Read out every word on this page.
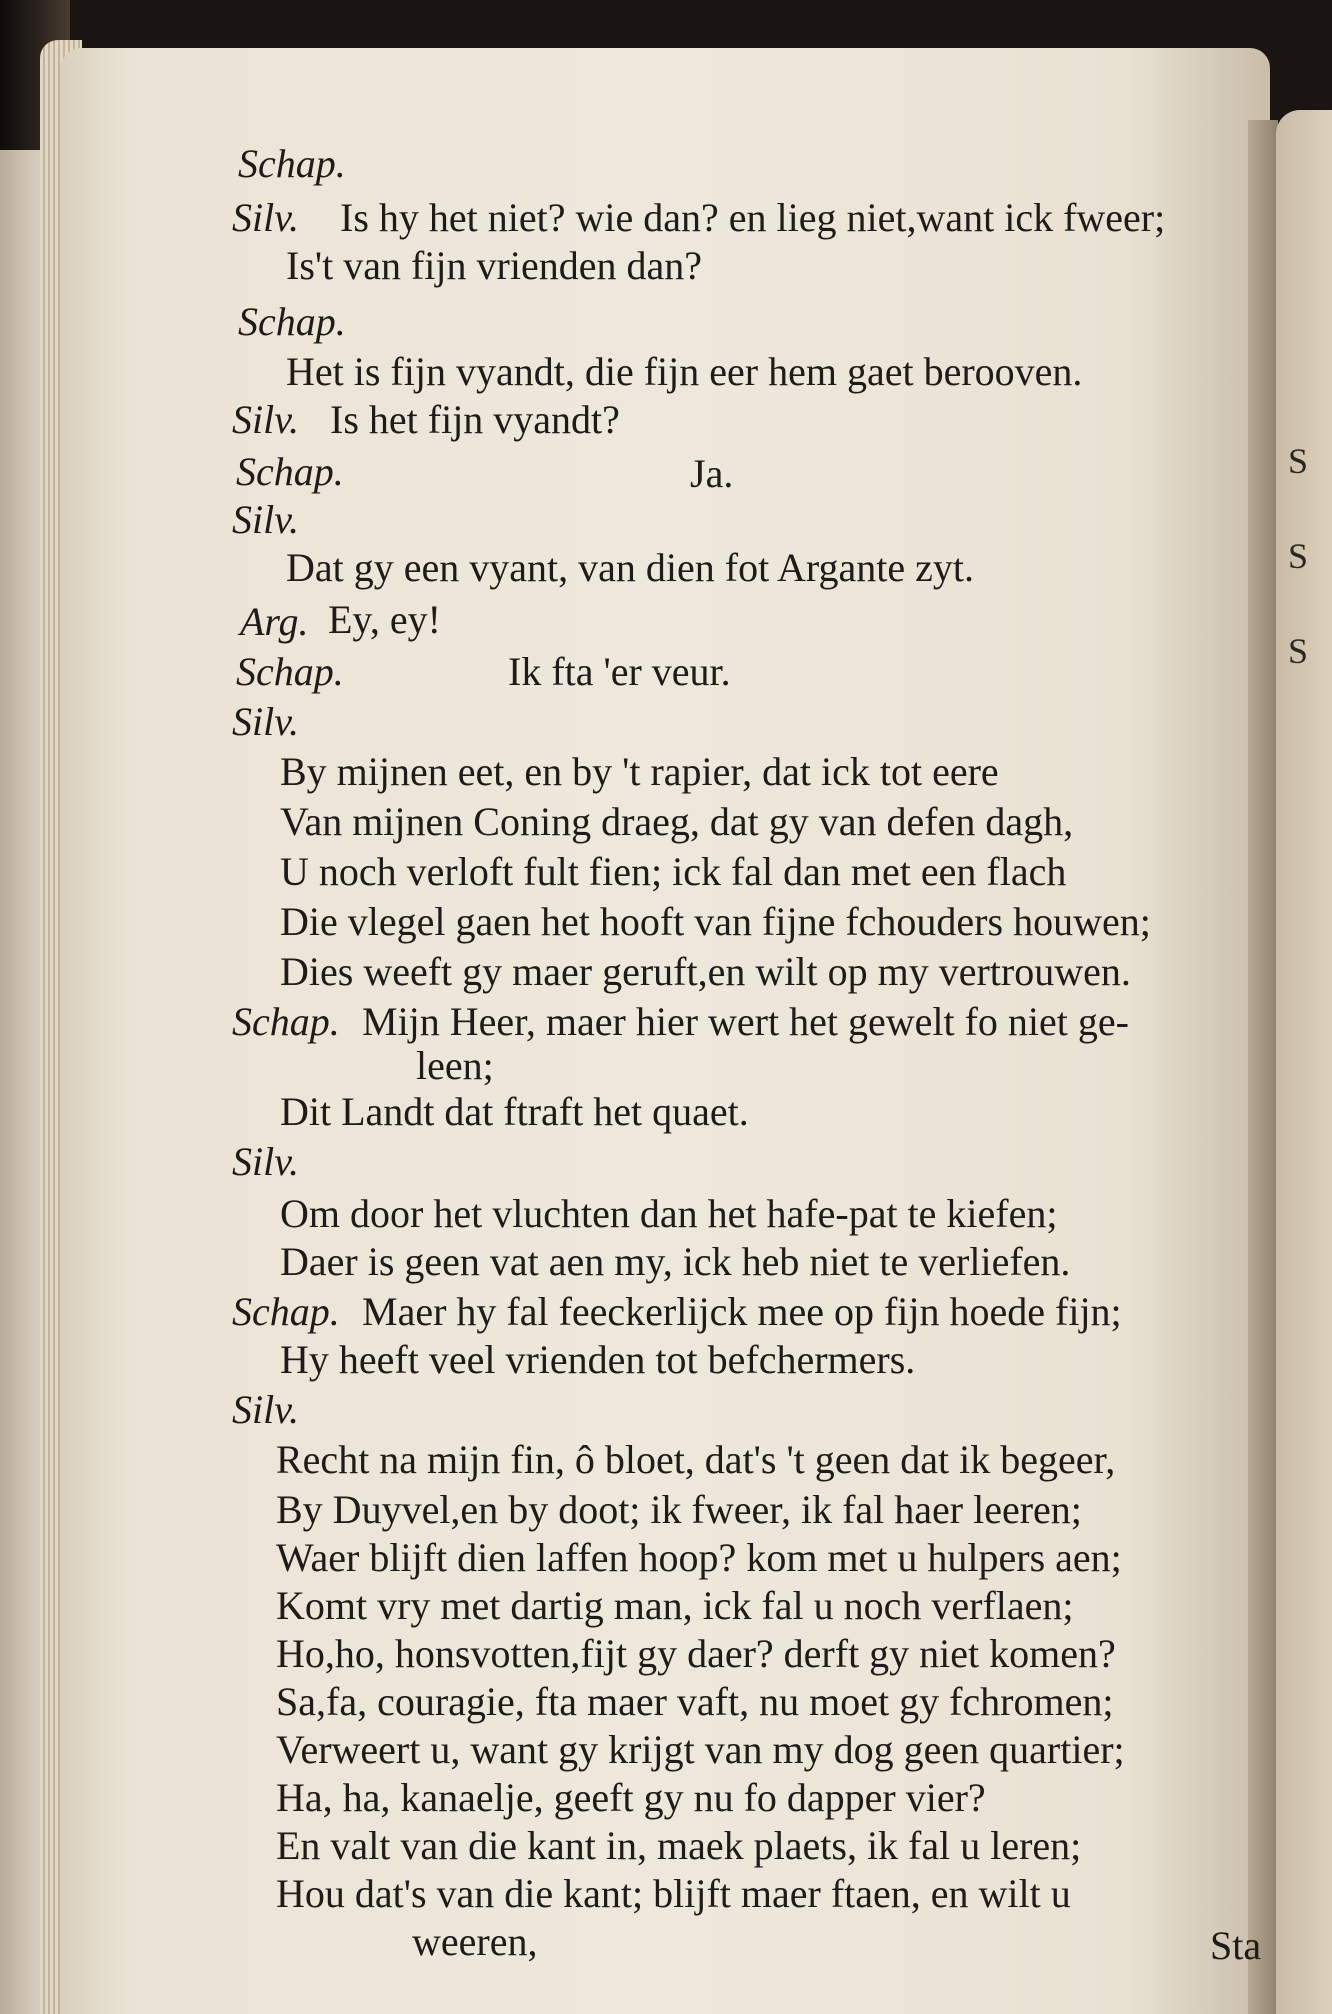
S
S
S
Schap.
Silv. Is hy het niet? wie dan? en lieg niet,want ick fweer;
Is't van fijn vrienden dan?
Schap.
Het is fijn vyandt, die fijn eer hem gaet berooven.
Silv. Is het fijn vyandt?
Schap.	Ja.
Silv.
Dat gy een vyant, van dien fot Argante zyt.
Arg. Ey, ey!
Schap.	Ik fta 'er veur.
Silv.
By mijnen eet, en by 't rapier, dat ick tot eere
Van mijnen Coning draeg, dat gy van defen dagh,
U noch verloft fult fien; ick fal dan met een flach
Die vlegel gaen het hooft van fijne fchouders houwen;
Dies weeft gy maer geruft,en wilt op my vertrouwen.
Schap. Mijn Heer, maer hier wert het gewelt fo niet ge-
leen;
Dit Landt dat ftraft het quaet.
Silv.
Om door het vluchten dan het hafe-pat te kiefen;
Daer is geen vat aen my, ick heb niet te verliefen.
Schap. Maer hy fal feeckerlijck mee op fijn hoede fijn;
Hy heeft veel vrienden tot befchermers.
Silv.
Recht na mijn fin, ô bloet, dat's 't geen dat ik begeer,
By Duyvel,en by doot; ik fweer, ik fal haer leeren;
Waer blijft dien laffen hoop? kom met u hulpers aen;
Komt vry met dartig man, ick fal u noch verflaen;
Ho,ho, honsvotten,fijt gy daer? derft gy niet komen?
Sa,fa, couragie, fta maer vaft, nu moet gy fchromen;
Verweert u, want gy krijgt van my dog geen quartier;
Ha, ha, kanaelje, geeft gy nu fo dapper vier?
En valt van die kant in, maek plaets, ik fal u leren;
Hou dat's van die kant; blijft maer ftaen, en wilt u
weeren,	Sta
